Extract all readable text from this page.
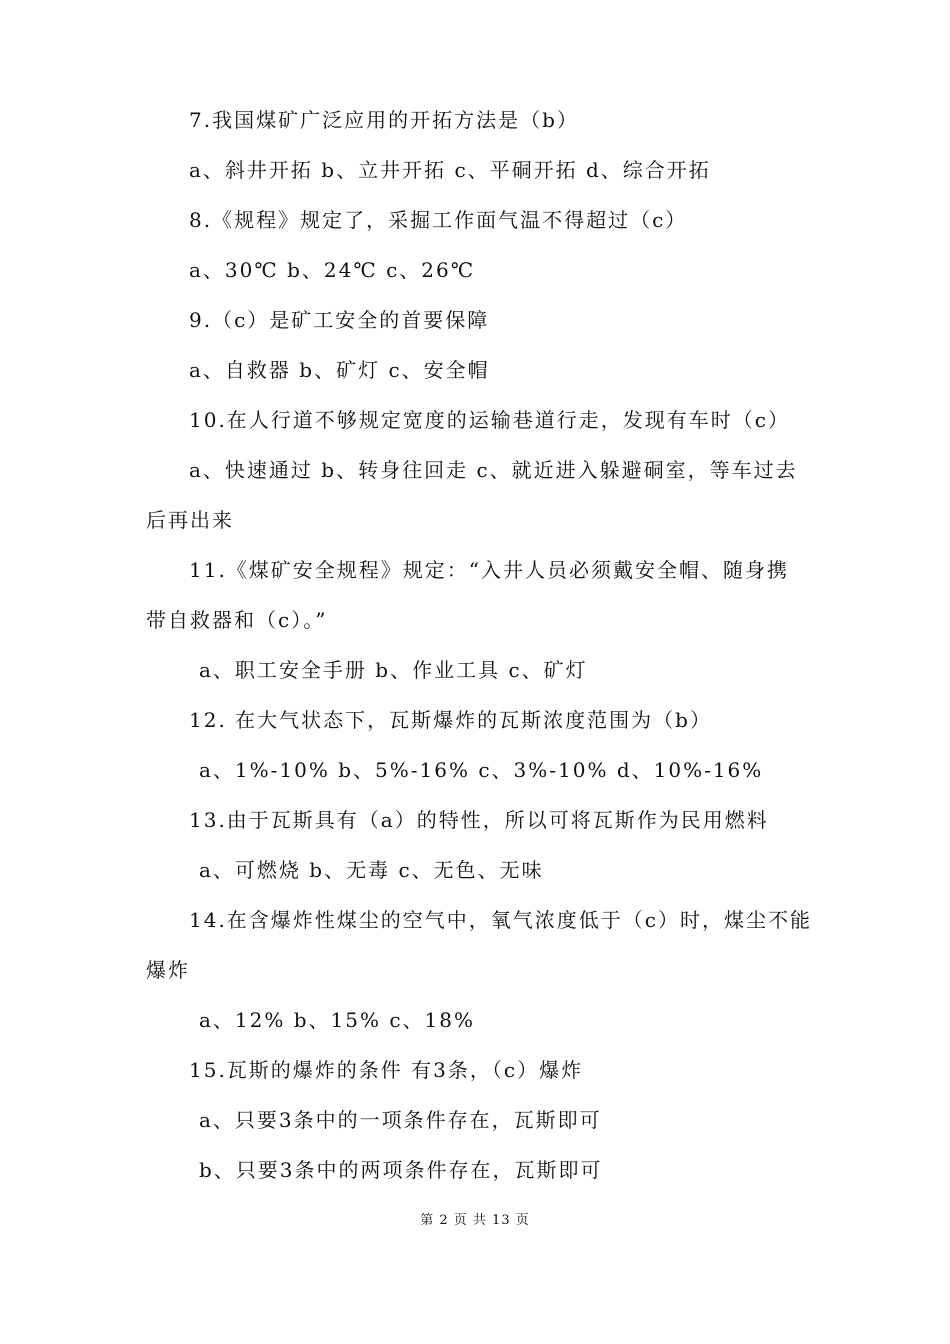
7.我国煤矿广泛应用的开拓方法是（b）
a、斜井开拓 b、立井开拓 c、平硐开拓 d、综合开拓
8.《规程》规定了，采掘工作面气温不得超过（c）
a、30℃ b、24℃ c、26℃
9.（c）是矿工安全的首要保障
a、自救器 b、矿灯 c、安全帽
10.在人行道不够规定宽度的运输巷道行走，发现有车时（c）
a、快速通过 b、转身往回走 c、就近进入躲避硐室，等车过去
后再出来
11.《煤矿安全规程》规定：“入井人员必须戴安全帽、随身携
带自救器和（c）。”
a、职工安全手册 b、作业工具 c、矿灯
12. 在大气状态下，瓦斯爆炸的瓦斯浓度范围为（b）
a、1%-10% b、5%-16% c、3%-10% d、10%-16%
13.由于瓦斯具有（a）的特性，所以可将瓦斯作为民用燃料
a、可燃烧 b、无毒 c、无色、无味
14.在含爆炸性煤尘的空气中，氧气浓度低于（c）时，煤尘不能
爆炸
a、12% b、15% c、18%
15.瓦斯的爆炸的条件 有3条，（c）爆炸
a、只要3条中的一项条件存在，瓦斯即可
b、只要3条中的两项条件存在，瓦斯即可
第 2 页 共 13 页
